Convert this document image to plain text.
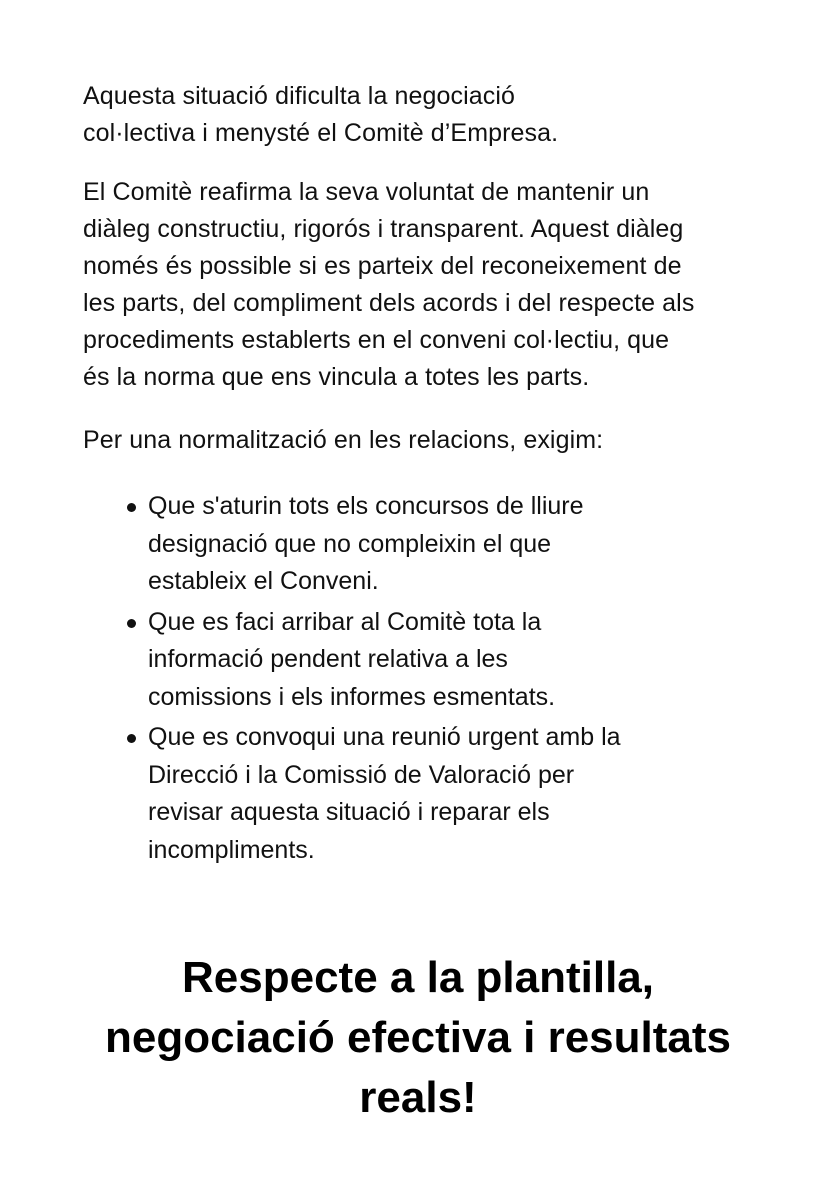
Aquesta situació dificulta la negociació
col·lectiva i menysté el Comitè d’Empresa.

El Comitè reafirma la seva voluntat de mantenir un
diàleg constructiu, rigorós i transparent. Aquest diàleg
només és possible si es parteix del reconeixement de
les parts, del compliment dels acords i del respecte als
procediments establerts en el conveni col·lectiu, que
és la norma que ens vincula a totes les parts.

Per una normalització en les relacions, exigim:

Que s'aturin tots els concursos de lliure
designació que no compleixin el que
estableix el Conveni.
Que es faci arribar al Comitè tota la
informació pendent relativa a les
comissions i els informes esmentats.
Que es convoqui una reunió urgent amb la
Direcció i la Comissió de Valoració per
revisar aquesta situació i reparar els
incompliments.
Respecte a la plantilla,
negociació efectiva i resultats
reals!
